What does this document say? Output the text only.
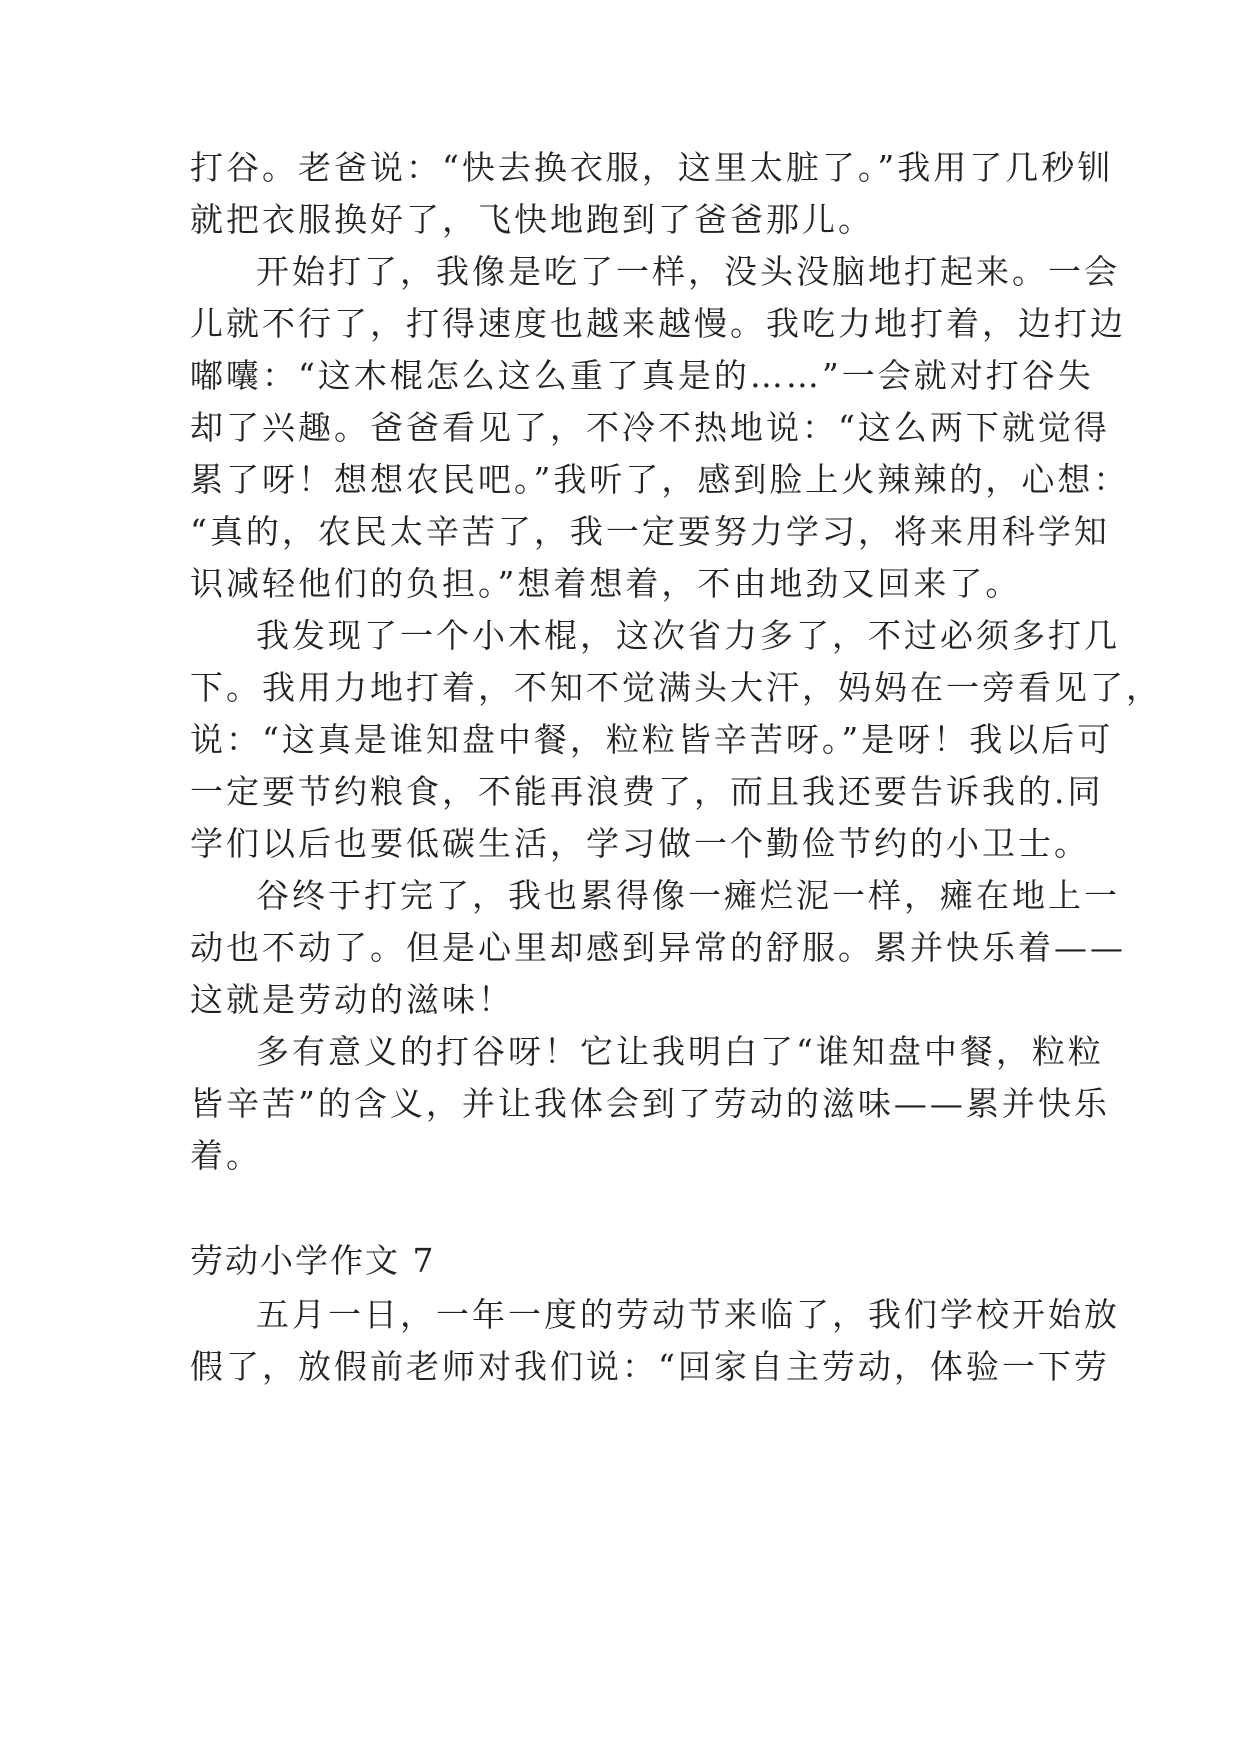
打谷。老爸说：“快去换衣服，这里太脏了。”我用了几秒钏
就把衣服换好了，飞快地跑到了爸爸那儿。
开始打了，我像是吃了一样，没头没脑地打起来。一会
儿就不行了，打得速度也越来越慢。我吃力地打着，边打边
嘟囔：“这木棍怎么这么重了真是的……”一会就对打谷失
却了兴趣。爸爸看见了，不冷不热地说：“这么两下就觉得
累了呀！想想农民吧。”我听了，感到脸上火辣辣的，心想：
“真的，农民太辛苦了，我一定要努力学习，将来用科学知
识减轻他们的负担。”想着想着，不由地劲又回来了。
我发现了一个小木棍，这次省力多了，不过必须多打几
下。我用力地打着，不知不觉满头大汗，妈妈在一旁看见了，
说：“这真是谁知盘中餐，粒粒皆辛苦呀。”是呀！我以后可
一定要节约粮食，不能再浪费了，而且我还要告诉我的.同
学们以后也要低碳生活，学习做一个勤俭节约的小卫士。
谷终于打完了，我也累得像一瘫烂泥一样，瘫在地上一
动也不动了。但是心里却感到异常的舒服。累并快乐着——
这就是劳动的滋味！
多有意义的打谷呀！它让我明白了“谁知盘中餐，粒粒
皆辛苦”的含义，并让我体会到了劳动的滋味——累并快乐
着。
劳动小学作文 7
五月一日，一年一度的劳动节来临了，我们学校开始放
假了，放假前老师对我们说：“回家自主劳动，体验一下劳
